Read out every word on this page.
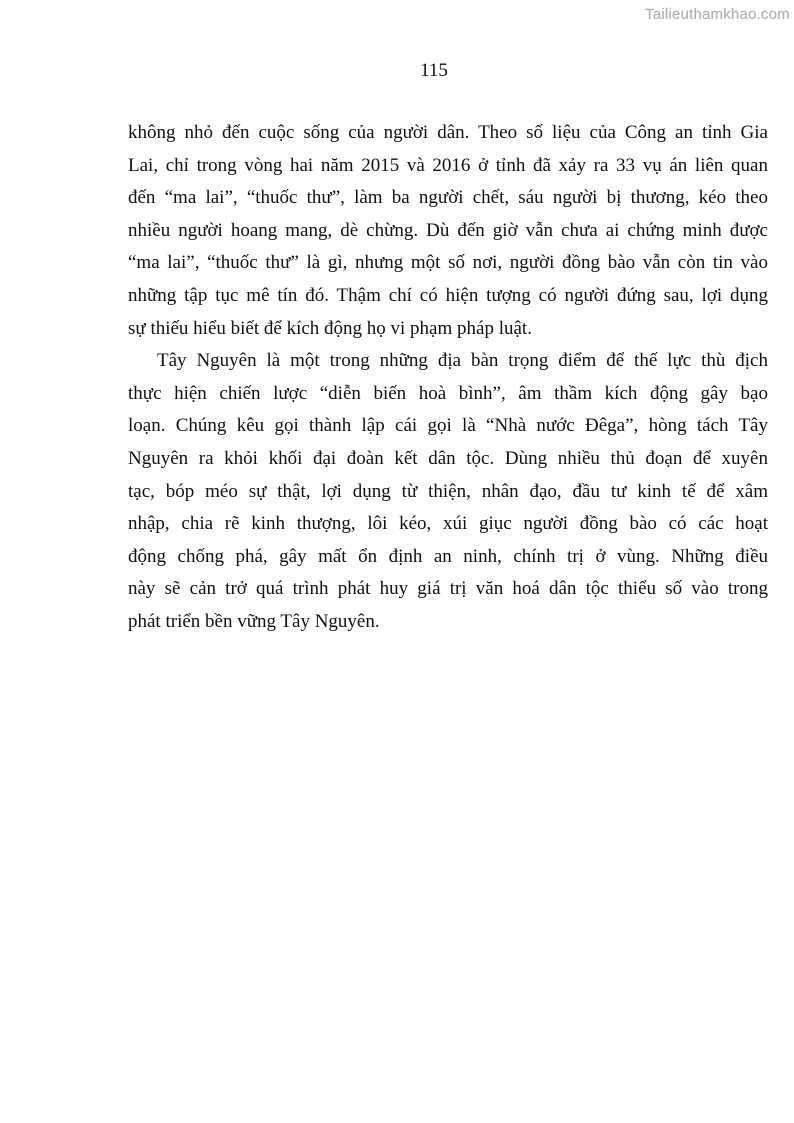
Tailieuthamkhao.com
115
không nhỏ đến cuộc sống của người dân. Theo số liệu của Công an tỉnh Gia
Lai, chỉ trong vòng hai năm 2015 và 2016 ở tỉnh đã xảy ra 33 vụ án liên quan
đến “ma lai”, “thuốc thư”, làm ba người chết, sáu người bị thương, kéo theo
nhiều người hoang mang, dè chừng. Dù đến giờ vẫn chưa ai chứng minh được
“ma lai”, “thuốc thư” là gì, nhưng một số nơi, người đồng bào vẫn còn tin vào
những tập tục mê tín đó. Thậm chí có hiện tượng có người đứng sau, lợi dụng
sự thiếu hiểu biết để kích động họ vi phạm pháp luật.
Tây Nguyên là một trong những địa bàn trọng điểm để thế lực thù địch
thực hiện chiến lược “diễn biến hoà bình”, âm thầm kích động gây bạo
loạn. Chúng kêu gọi thành lập cái gọi là “Nhà nước Đêga”, hòng tách Tây
Nguyên ra khỏi khối đại đoàn kết dân tộc. Dùng nhiều thủ đoạn để xuyên
tạc, bóp méo sự thật, lợi dụng từ thiện, nhân đạo, đầu tư kinh tế để xâm
nhập, chia rẽ kinh thượng, lôi kéo, xúi giục người đồng bào có các hoạt
động chống phá, gây mất ổn định an ninh, chính trị ở vùng. Những điều
này sẽ cản trở quá trình phát huy giá trị văn hoá dân tộc thiểu số vào trong
phát triển bền vững Tây Nguyên.
